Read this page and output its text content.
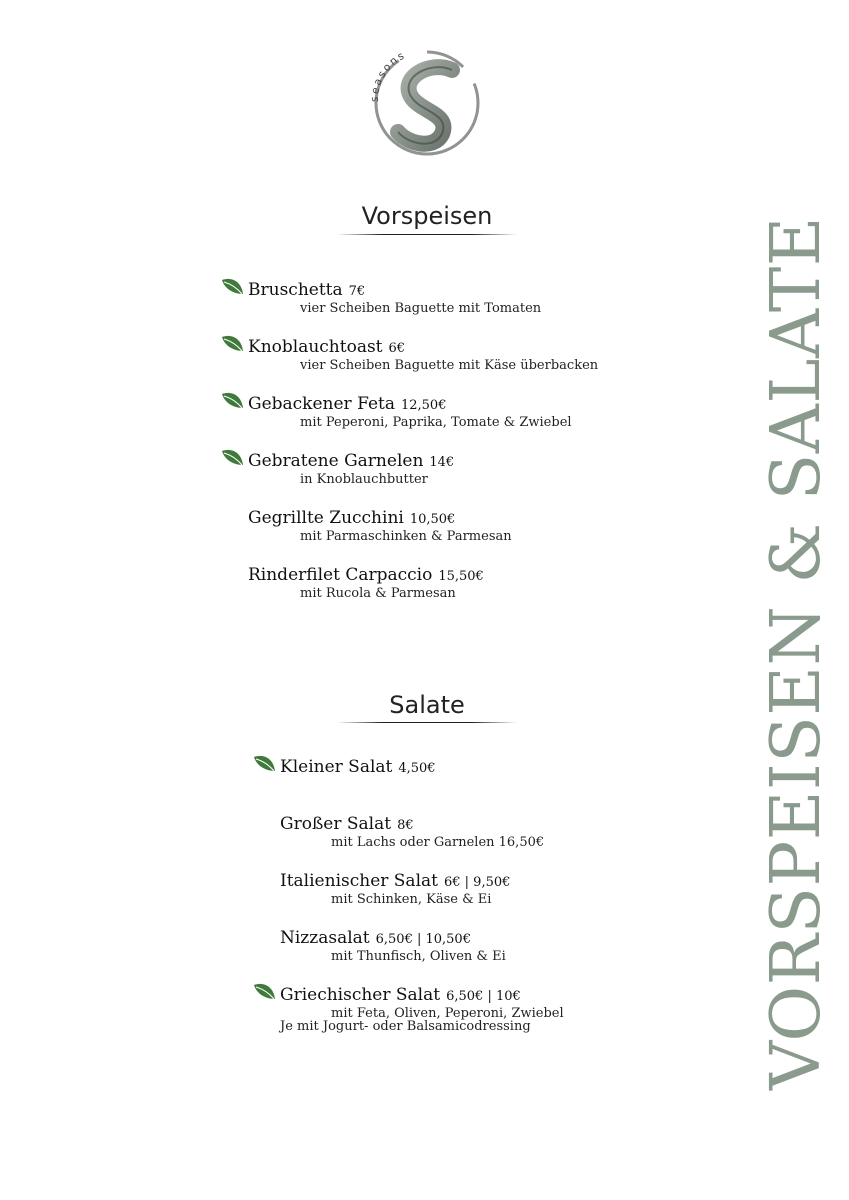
seasons
Vorspeisen
Bruschetta 7€
vier Scheiben Baguette mit Tomaten
Knoblauchtoast 6€
vier Scheiben Baguette mit Käse überbacken
Gebackener Feta 12,50€
mit Peperoni, Paprika, Tomate & Zwiebel
Gebratene Garnelen 14€
in Knoblauchbutter
Gegrillte Zucchini 10,50€
mit Parmaschinken & Parmesan
Rinderfilet Carpaccio 15,50€
mit Rucola & Parmesan
Salate
Kleiner Salat 4,50€
Großer Salat 8€
mit Lachs oder Garnelen 16,50€
Italienischer Salat 6€ | 9,50€
mit Schinken, Käse & Ei
Nizzasalat 6,50€ | 10,50€
mit Thunfisch, Oliven & Ei
Griechischer Salat 6,50€ | 10€
mit Feta, Oliven, Peperoni, Zwiebel
Je mit Jogurt- oder Balsamicodressing	VORSPEISEN & SALATE
